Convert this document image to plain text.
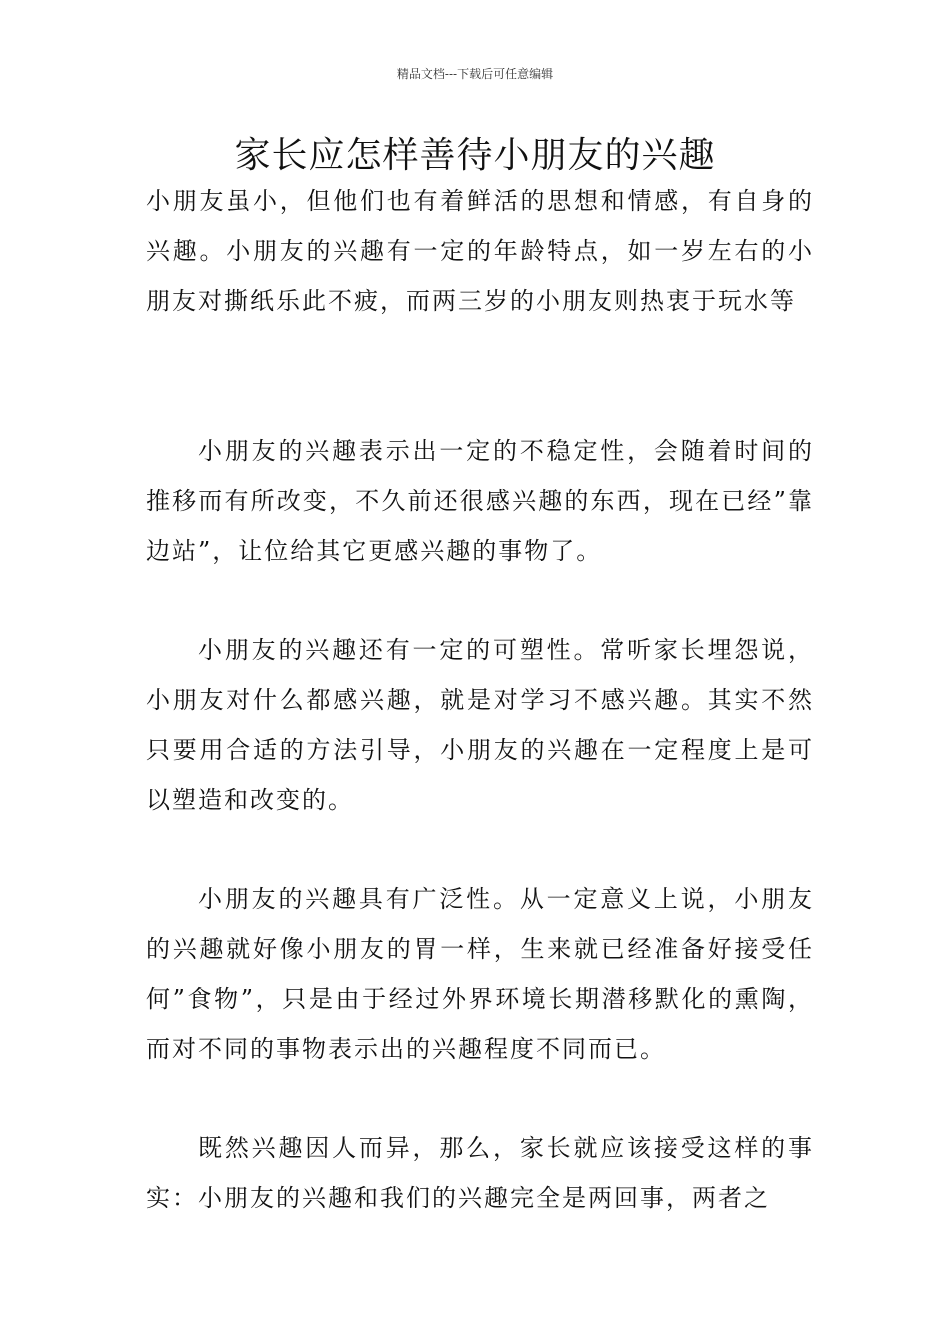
精品文档---下载后可任意编辑
家长应怎样善待小朋友的兴趣

小朋友虽小，但他们也有着鲜活的思想和情感，有自身的兴趣。小朋友的兴趣有一定的年龄特点，如一岁左右的小朋友对撕纸乐此不疲，而两三岁的小朋友则热衷于玩水等

小朋友的兴趣表示出一定的不稳定性，会随着时间的推移而有所改变，不久前还很感兴趣的东西，现在已经”靠边站”，让位给其它更感兴趣的事物了。

小朋友的兴趣还有一定的可塑性。常听家长埋怨说，小朋友对什么都感兴趣，就是对学习不感兴趣。其实不然只要用合适的方法引导，小朋友的兴趣在一定程度上是可以塑造和改变的。

小朋友的兴趣具有广泛性。从一定意义上说，小朋友的兴趣就好像小朋友的胃一样，生来就已经准备好接受任何”食物”，只是由于经过外界环境长期潜移默化的熏陶，而对不同的事物表示出的兴趣程度不同而已。

既然兴趣因人而异，那么，家长就应该接受这样的事实：小朋友的兴趣和我们的兴趣完全是两回事，两者之
